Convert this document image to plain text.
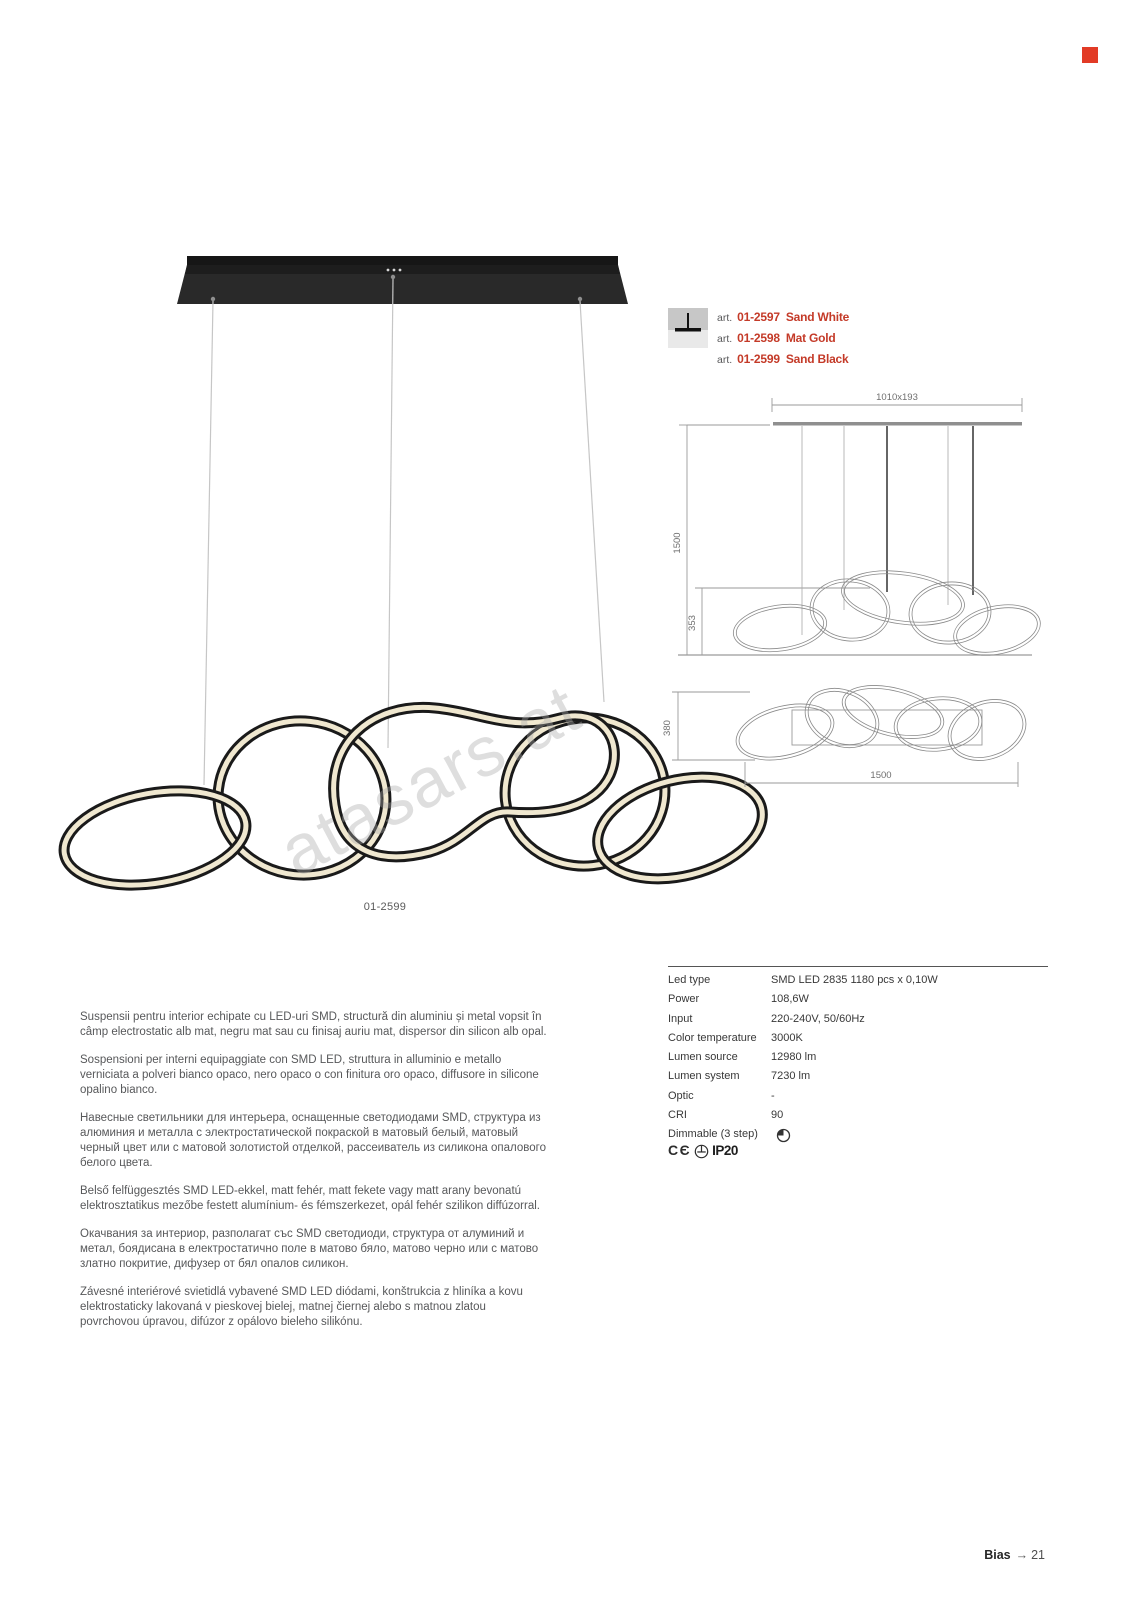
atasars.at
01-2599
art. 01-2597 Sand White
art. 01-2598 Mat Gold
art. 01-2599 Sand Black
1010x193
1500
353
380
1500
Led type	SMD LED 2835 1180 pcs x 0,10W
Power	108,6W
Input	220-240V, 50/60Hz
Color temperature	3000K
Lumen source	12980 lm
Lumen system	7230 lm
Optic	-
CRI	90
Dimmable (3 step)
CЄ IP20

Suspensii pentru interior echipate cu LED-uri SMD, structură din aluminiu și metal vopsit în câmp electrostatic alb mat, negru mat sau cu finisaj auriu mat, dispersor din silicon alb opal.

Sospensioni per interni equipaggiate con SMD LED, struttura in alluminio e metallo verniciata a polveri bianco opaco, nero opaco o con finitura oro opaco, diffusore in silicone opalino bianco.

Навесные светильники для интерьера, оснащенные светодиодами SMD, структура из алюминия и металла с электростатической покраской в матовый белый, матовый черный цвет или с матовой золотистой отделкой, рассеиватель из силикона опалового белого цвета.

Belső felfüggesztés SMD LED-ekkel, matt fehér, matt fekete vagy matt arany bevonatú elektrosztatikus mezőbe festett alumínium- és fémszerkezet, opál fehér szilikon diffúzorral.

Окачвания за интериор, разполагат със SMD светодиоди, структура от алуминий и метал, боядисана в електростатично поле в матово бяло, матово черно или с матово златно покритие, дифузер от бял опалов силикон.

Závesné interiérové svietidlá vybavené SMD LED diódami, konštrukcia z hliníka a kovu elektrostaticky lakovaná v pieskovej bielej, matnej čiernej alebo s matnou zlatou povrchovou úpravou, difúzor z opálovo bieleho silikónu.

Bias → 21
